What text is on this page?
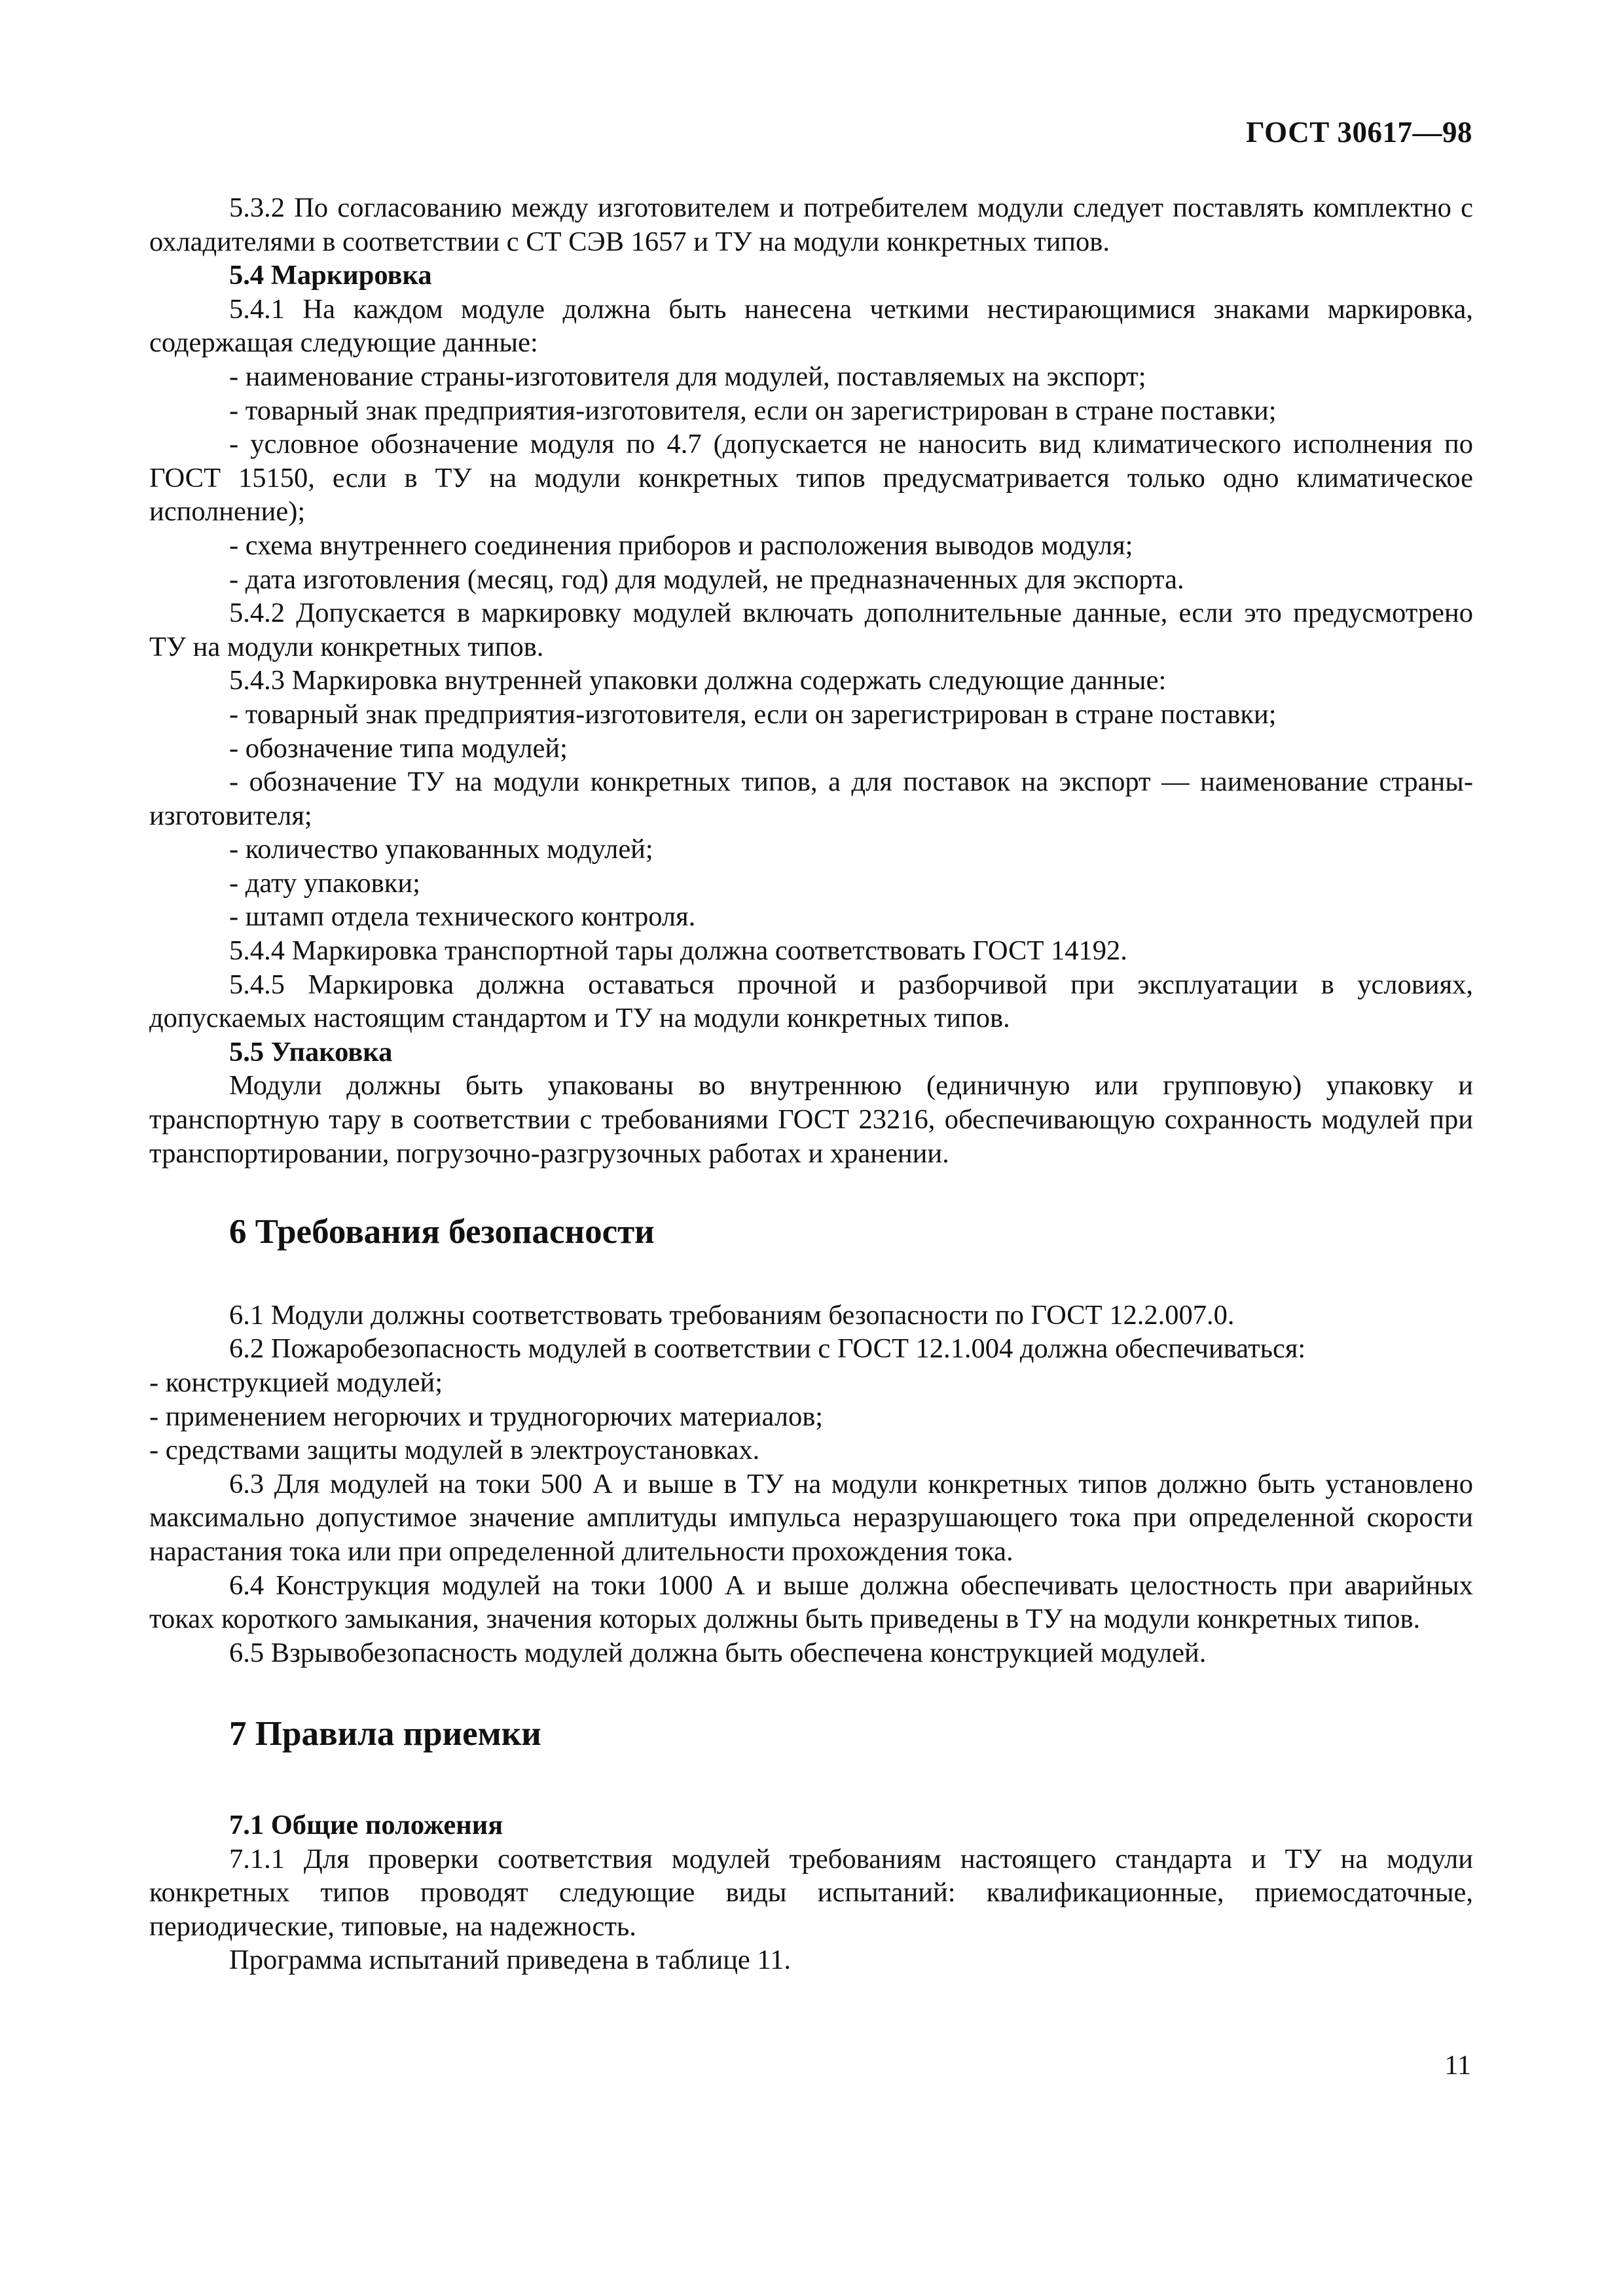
ГОСТ 30617—98

5.3.2 По согласованию между изготовителем и потребителем модули следует поставлять комплектно с охладителями в соответствии с СТ СЭВ 1657 и ТУ на модули конкретных типов.

5.4 Маркировка

5.4.1 На каждом модуле должна быть нанесена четкими нестирающимися знаками маркировка, содержащая следующие данные:

- наименование страны-изготовителя для модулей, поставляемых на экспорт;

- товарный знак предприятия-изготовителя, если он зарегистрирован в стране поставки;

- условное обозначение модуля по 4.7 (допускается не наносить вид климатического исполнения по ГОСТ 15150, если в ТУ на модули конкретных типов предусматривается только одно климатическое исполнение);

- схема внутреннего соединения приборов и расположения выводов модуля;

- дата изготовления (месяц, год) для модулей, не предназначенных для экспорта.

5.4.2 Допускается в маркировку модулей включать дополнительные данные, если это предусмотрено ТУ на модули конкретных типов.

5.4.3 Маркировка внутренней упаковки должна содержать следующие данные:

- товарный знак предприятия-изготовителя, если он зарегистрирован в стране поставки;

- обозначение типа модулей;

- обозначение ТУ на модули конкретных типов, а для поставок на экспорт — наименование страны-изготовителя;

- количество упакованных модулей;

- дату упаковки;

- штамп отдела технического контроля.

5.4.4 Маркировка транспортной тары должна соответствовать ГОСТ 14192.

5.4.5 Маркировка должна оставаться прочной и разборчивой при эксплуатации в условиях, допускаемых настоящим стандартом и ТУ на модули конкретных типов.

5.5 Упаковка

Модули должны быть упакованы во внутреннюю (единичную или групповую) упаковку и транспортную тару в соответствии с требованиями ГОСТ 23216, обеспечивающую сохранность модулей при транспортировании, погрузочно-разгрузочных работах и хранении.

6 Требования безопасности

6.1 Модули должны соответствовать требованиям безопасности по ГОСТ 12.2.007.0.

6.2 Пожаробезопасность модулей в соответствии с ГОСТ 12.1.004 должна обеспечиваться:

- конструкцией модулей;

- применением негорючих и трудногорючих материалов;

- средствами защиты модулей в электроустановках.

6.3 Для модулей на токи 500 А и выше в ТУ на модули конкретных типов должно быть установлено максимально допустимое значение амплитуды импульса неразрушающего тока при определенной скорости нарастания тока или при определенной длительности прохождения тока.

6.4 Конструкция модулей на токи 1000 А и выше должна обеспечивать целостность при аварийных токах короткого замыкания, значения которых должны быть приведены в ТУ на модули конкретных типов.

6.5 Взрывобезопасность модулей должна быть обеспечена конструкцией модулей.

7 Правила приемки

7.1 Общие положения

7.1.1 Для проверки соответствия модулей требованиям настоящего стандарта и ТУ на модули конкретных типов проводят следующие виды испытаний: квалификационные, приемосдаточные, периодические, типовые, на надежность.

Программа испытаний приведена в таблице 11.

11
